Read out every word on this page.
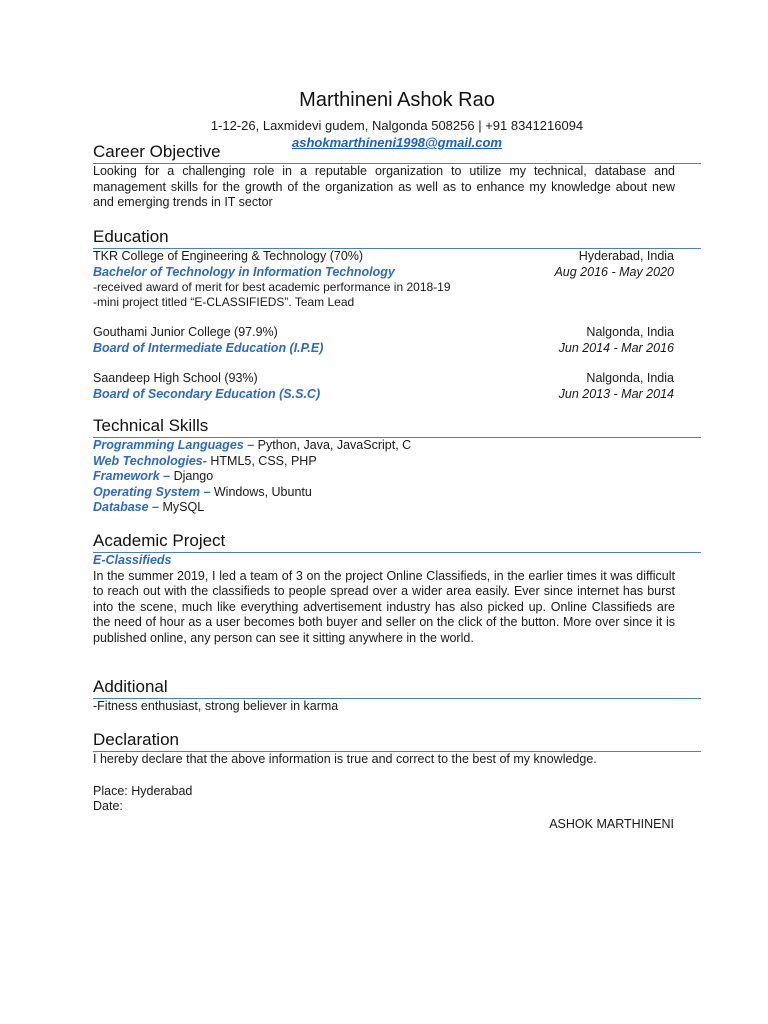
Marthineni Ashok Rao
1-12-26, Laxmidevi gudem, Nalgonda 508256 | +91 8341216094
ashokmarthineni1998@gmail.com
Career Objective
Looking for a challenging role in a reputable organization to utilize my technical, database and management skills for the growth of the organization as well as to enhance my knowledge about new and emerging trends in IT sector
Education
TKR College of Engineering & Technology (70%)	Hyderabad, India
Bachelor of Technology in Information Technology	Aug 2016 - May 2020
-received award of merit for best academic performance in 2018-19
-mini project titled “E-CLASSIFIEDS”. Team Lead
Gouthami Junior College (97.9%)	Nalgonda, India
Board of Intermediate Education (I.P.E)	Jun 2014 - Mar 2016
Saandeep High School (93%)	Nalgonda, India
Board of Secondary Education (S.S.C)	Jun 2013 - Mar 2014
Technical Skills
Programming Languages – Python, Java, JavaScript, C
Web Technologies- HTML5, CSS, PHP
Framework – Django
Operating System – Windows, Ubuntu
Database – MySQL
Academic Project
E-Classifieds
In the summer 2019, I led a team of 3 on the project Online Classifieds, in the earlier times it was difficult to reach out with the classifieds to people spread over a wider area easily. Ever since internet has burst into the scene, much like everything advertisement industry has also picked up. Online Classifieds are the need of hour as a user becomes both buyer and seller on the click of the button. More over since it is published online, any person can see it sitting anywhere in the world.
Additional
-Fitness enthusiast, strong believer in karma
Declaration
I hereby declare that the above information is true and correct to the best of my knowledge.
Place: Hyderabad
Date:
ASHOK MARTHINENI
